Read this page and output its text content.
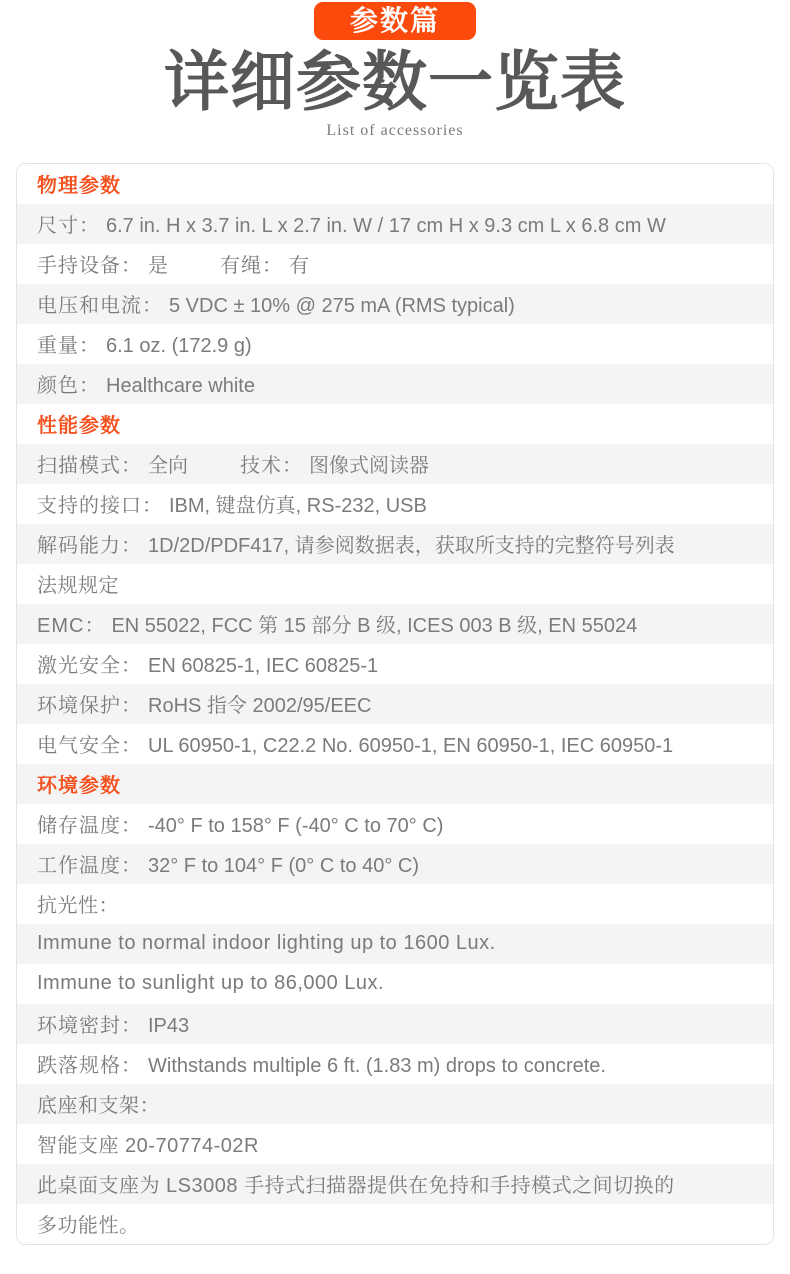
参数篇
详细参数一览表
List of accessories
物理参数
尺寸： 6.7 in. H x 3.7 in. L x 2.7 in. W / 17 cm H x 9.3 cm L x 6.8 cm W
手持设备： 是	有绳： 有
电压和电流： 5 VDC ± 10% @ 275 mA (RMS typical)
重量： 6.1 oz. (172.9 g)
颜色： Healthcare white
性能参数
扫描模式： 全向	技术： 图像式阅读器
支持的接口： IBM, 键盘仿真, RS-232, USB
解码能力： 1D/2D/PDF417, 请参阅数据表，获取所支持的完整符号列表
法规规定
EMC： EN 55022, FCC 第 15 部分 B 级, ICES 003 B 级, EN 55024
激光安全： EN 60825-1, IEC 60825-1
环境保护： RoHS 指令 2002/95/EEC
电气安全： UL 60950-1, C22.2 No. 60950-1, EN 60950-1, IEC 60950-1
环境参数
储存温度： -40° F to 158° F (-40° C to 70° C)
工作温度： 32° F to 104° F (0° C to 40° C)
抗光性：
Immune to normal indoor lighting up to 1600 Lux.
Immune to sunlight up to 86,000 Lux.
环境密封： IP43
跌落规格： Withstands multiple 6 ft. (1.83 m) drops to concrete.
底座和支架：
智能支座 20-70774-02R
此桌面支座为 LS3008 手持式扫描器提供在免持和手持模式之间切换的
多功能性。
